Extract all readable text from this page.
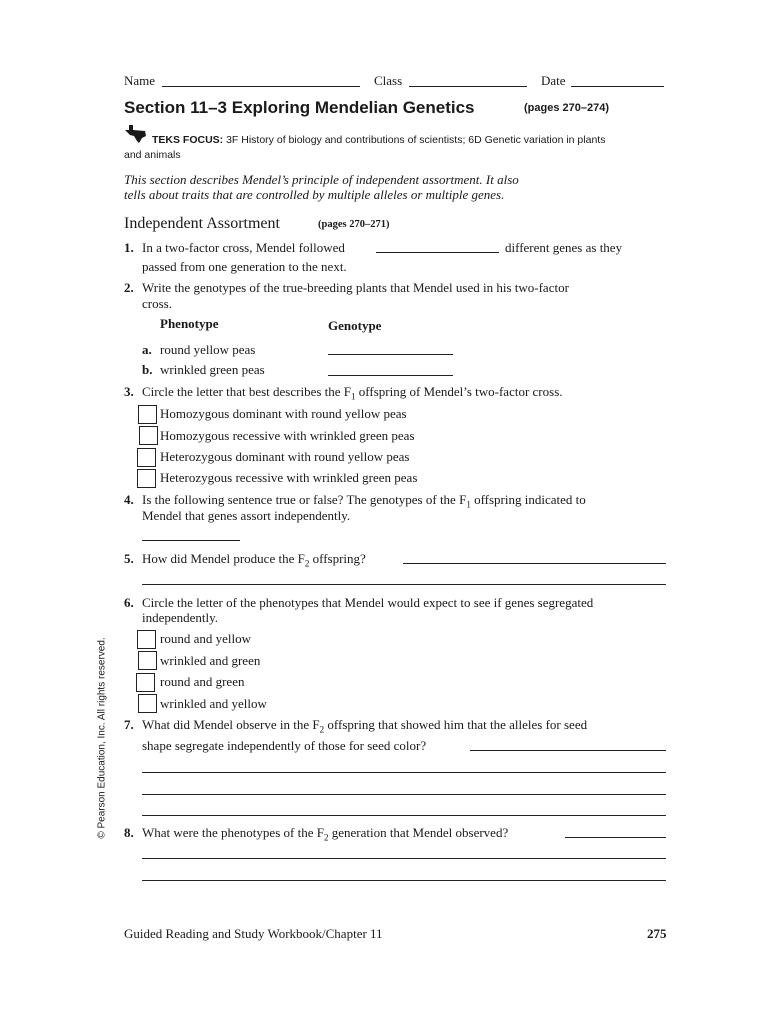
Name	Class	Date
Section 11–3 Exploring Mendelian Genetics	(pages 270–274)
TEKS FOCUS: 3F History of biology and contributions of scientists; 6D Genetic variation in plants
and animals
This section describes Mendel’s principle of independent assortment. It also
tells about traits that are controlled by multiple alleles or multiple genes.
Independent Assortment	(pages 270–271)
1. In a two-factor cross, Mendel followed	different genes as they
passed from one generation to the next.
2. Write the genotypes of the true-breeding plants that Mendel used in his two-factor
cross.
Phenotype	Genotype
a. round yellow peas
b. wrinkled green peas
3. Circle the letter that best describes the $F_1$ offspring of Mendel’s two-factor cross.
Homozygous dominant with round yellow peas
Homozygous recessive with wrinkled green peas
Heterozygous dominant with round yellow peas
Heterozygous recessive with wrinkled green peas
4. Is the following sentence true or false? The genotypes of the $F_1$ offspring indicated to
Mendel that genes assort independently.
5. How did Mendel produce the $F_2$ offspring?
6. Circle the letter of the phenotypes that Mendel would expect to see if genes segregated
independently.
round and yellow
wrinkled and green
round and green
wrinkled and yellow
7. What did Mendel observe in the $F_2$ offspring that showed him that the alleles for seed
shape segregate independently of those for seed color?
8. What were the phenotypes of the $F_2$ generation that Mendel observed?
© Pearson Education, Inc. All rights reserved.
Guided Reading and Study Workbook/Chapter 11	275
